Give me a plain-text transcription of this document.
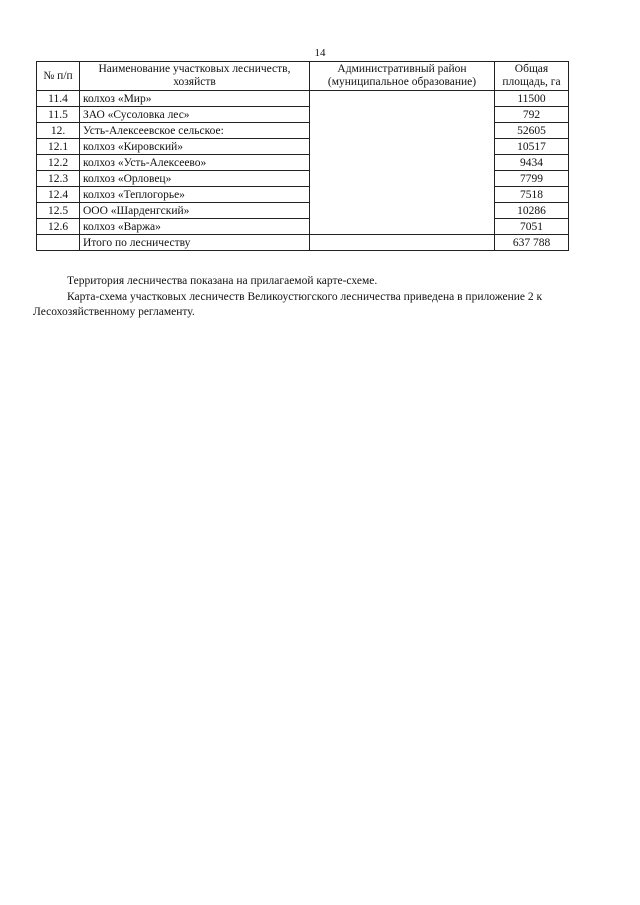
14
№ п/п	Наименование участковых лесничеств, хозяйств	Административный район (муниципальное образование)	Общая площадь, га
11.4	колхоз «Мир»		11500
11.5	ЗАО «Сусоловка лес»		792
12.	Усть-Алексеевское сельское:		52605
12.1	колхоз «Кировский»		10517
12.2	колхоз «Усть-Алексеево»		9434
12.3	колхоз «Орловец»		7799
12.4	колхоз «Теплогорье»		7518
12.5	ООО «Шарденгский»		10286
12.6	колхоз «Варжа»		7051
	Итого по лесничеству		637 788

Территория лесничества показана на прилагаемой карте-схеме.

Карта-схема участковых лесничеств Великоустюгского лесничества приведена в приложение 2 к Лесохозяйственному регламенту.
